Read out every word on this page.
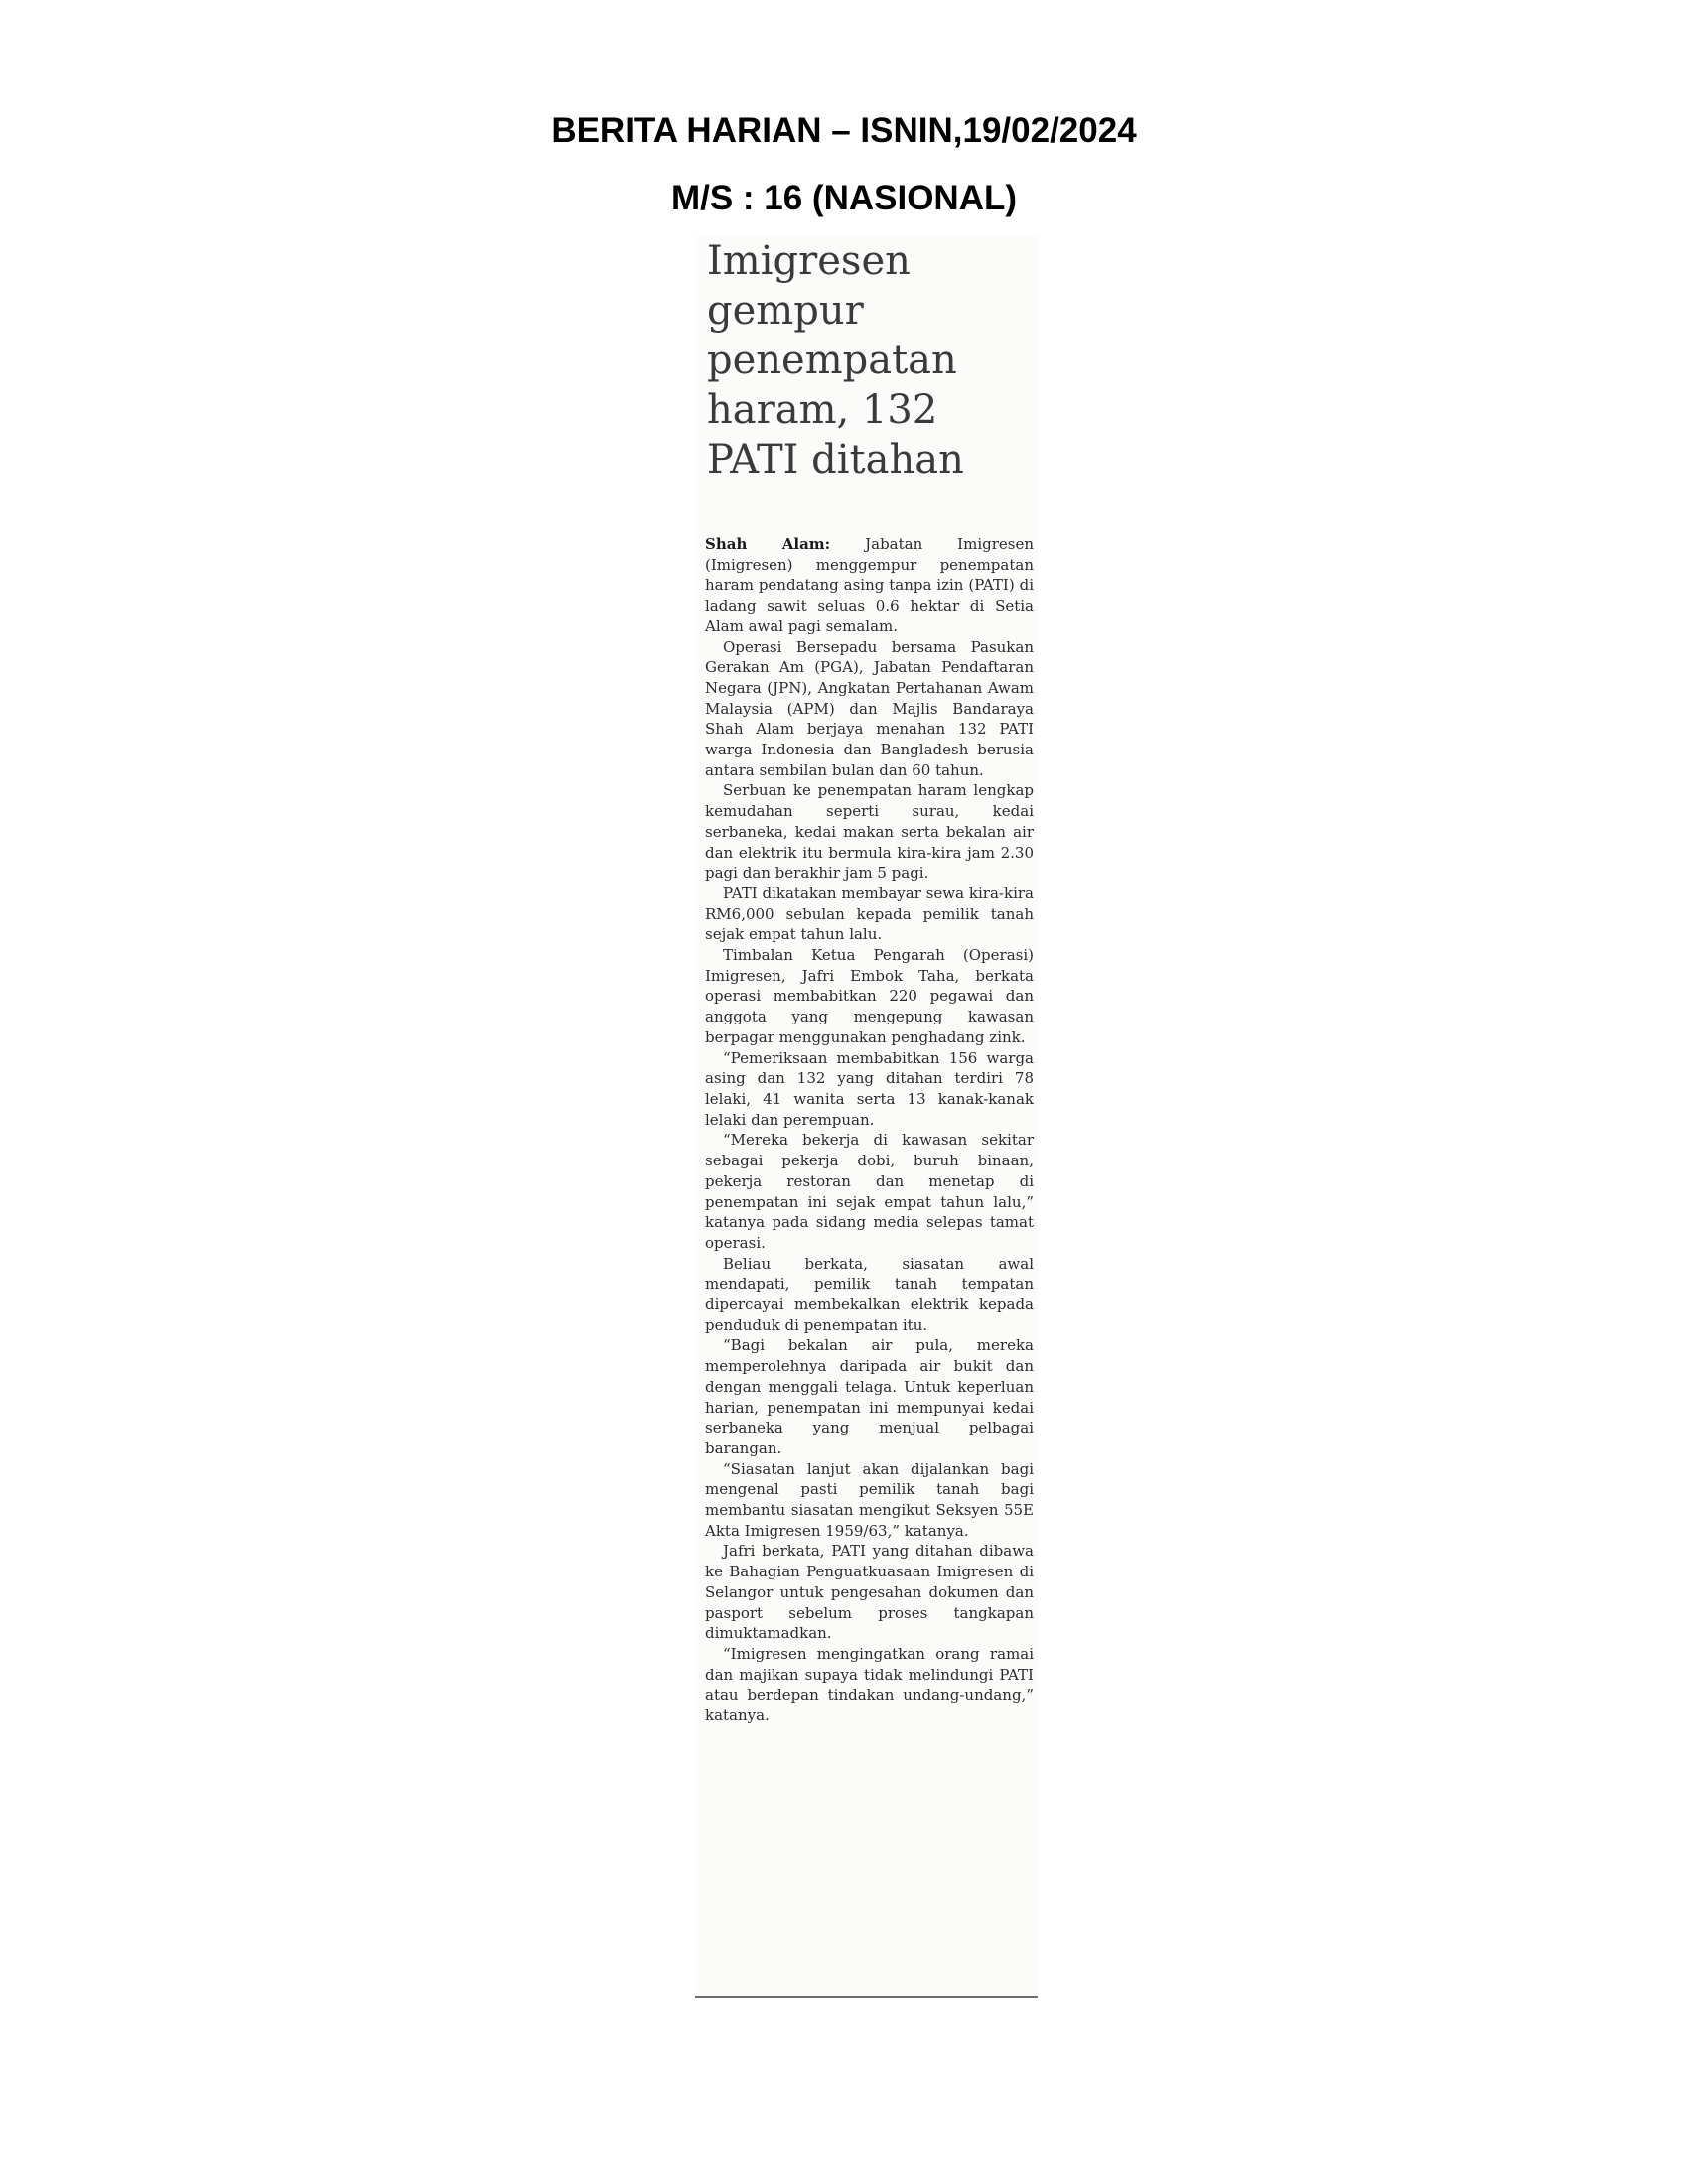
BERITA HARIAN – ISNIN,19/02/2024
M/S : 16 (NASIONAL)
Imigresen gempur penempatan haram, 132 PATI ditahan

Shah Alam: Jabatan Imigresen (Imigresen) menggempur penempatan haram pendatang asing tanpa izin (PATI) di ladang sawit seluas 0.6 hektar di Setia Alam awal pagi semalam.

Operasi Bersepadu bersama Pasukan Gerakan Am (PGA), Jabatan Pendaftaran Negara (JPN), Angkatan Pertahanan Awam Malaysia (APM) dan Majlis Bandaraya Shah Alam berjaya menahan 132 PATI warga Indonesia dan Bangladesh berusia antara sembilan bulan dan 60 tahun.

Serbuan ke penempatan haram lengkap kemudahan seperti surau, kedai serbaneka, kedai makan serta bekalan air dan elektrik itu bermula kira-kira jam 2.30 pagi dan berakhir jam 5 pagi.

PATI dikatakan membayar sewa kira-kira RM6,000 sebulan kepada pemilik tanah sejak empat tahun lalu.

Timbalan Ketua Pengarah (Operasi) Imigresen, Jafri Embok Taha, berkata operasi membabitkan 220 pegawai dan anggota yang mengepung kawasan berpagar menggunakan penghadang zink.

“Pemeriksaan membabitkan 156 warga asing dan 132 yang ditahan terdiri 78 lelaki, 41 wanita serta 13 kanak-kanak lelaki dan perempuan.

“Mereka bekerja di kawasan sekitar sebagai pekerja dobi, buruh binaan, pekerja restoran dan menetap di penempatan ini sejak empat tahun lalu,” katanya pada sidang media selepas tamat operasi.

Beliau berkata, siasatan awal mendapati, pemilik tanah tempatan dipercayai membekalkan elektrik kepada penduduk di penempatan itu.

“Bagi bekalan air pula, mereka memperolehnya daripada air bukit dan dengan menggali telaga. Untuk keperluan harian, penempatan ini mempunyai kedai serbaneka yang menjual pelbagai barangan.

“Siasatan lanjut akan dijalankan bagi mengenal pasti pemilik tanah bagi membantu siasatan mengikut Seksyen 55E Akta Imigresen 1959/63,” katanya.

Jafri berkata, PATI yang ditahan dibawa ke Bahagian Penguatkuasaan Imigresen di Selangor untuk pengesahan dokumen dan pasport sebelum proses tangkapan dimuktamadkan.

“Imigresen mengingatkan orang ramai dan majikan supaya tidak melindungi PATI atau berdepan tindakan undang-undang,” katanya.
